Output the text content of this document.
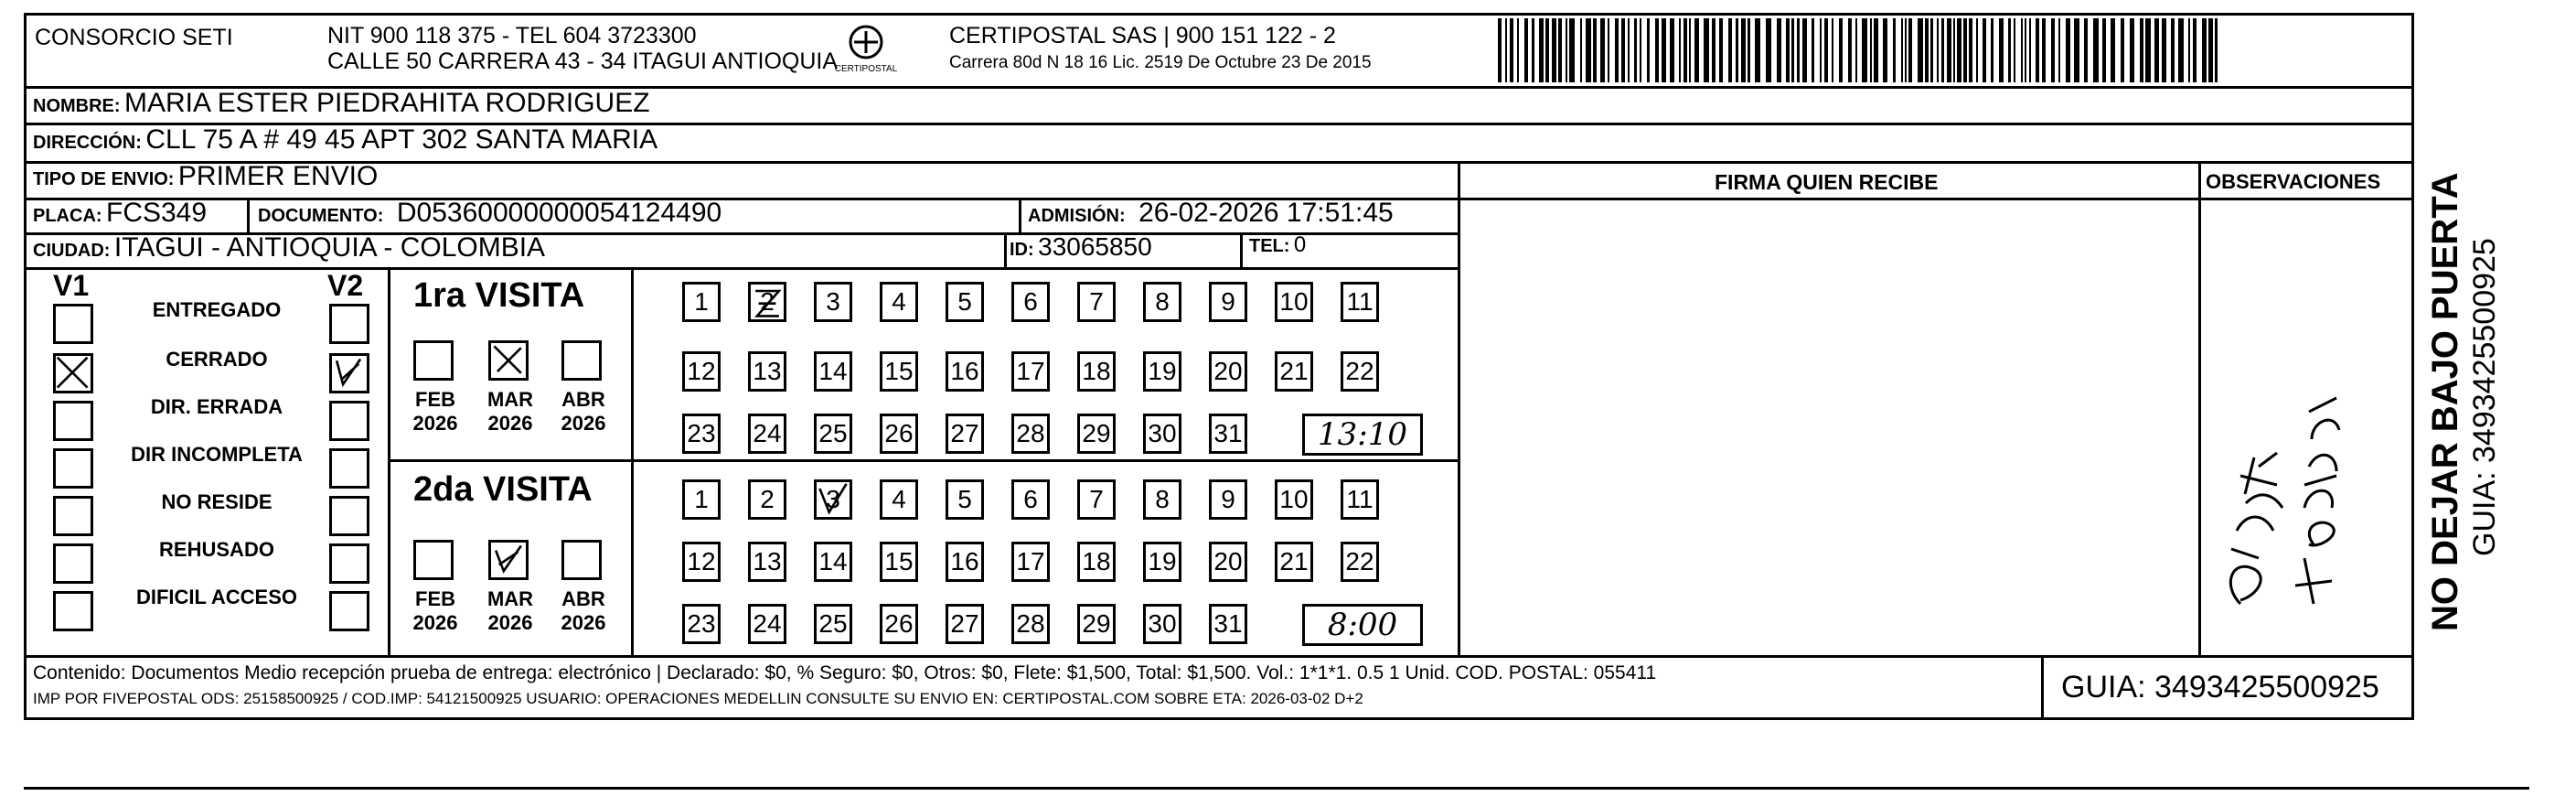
CONSORCIO SETI	NIT 900 118 375 - TEL 604 3723300
CALLE 50 CARRERA 43 - 34 ITAGUI ANTIOQUIA
CERTIPOSTAL
CERTIPOSTAL SAS | 900 151 122 - 2
Carrera 80d N 18 16 Lic. 2519 De Octubre 23 De 2015
NOMBRE: MARIA ESTER PIEDRAHITA RODRIGUEZ
DIRECCIÓN: CLL 75 A # 49 45 APT 302 SANTA MARIA
TIPO DE ENVIO: PRIMER ENVIO	FIRMA QUIEN RECIBE	OBSERVACIONES
PLACA: FCS349	DOCUMENTO: D05360000000054124490	ADMISIÓN: 26-02-2026 17:51:45
CIUDAD: ITAGUI - ANTIOQUIA - COLOMBIA	ID: 33065850	TEL: 0
V1	V2
ENTREGADO
CERRADO
DIR. ERRADA
DIR INCOMPLETA
NO RESIDE
REHUSADO
DIFICIL ACCESO
1ra VISITA
FEB
2026
MAR
2026
ABR
2026
1	2	3	4	5	6	7	8	9	10 11
12 13 14 15 16 17 18 19 20 21 22
23 24 25 26 27 28 29 30 31	13:10
2da VISITA
FEB
2026
MAR
2026
ABR
2026
1	2	3	4	5	6	7	8	9	10 11
12 13 14 15 16 17 18 19 20 21 22
23 24 25 26 27 28 29 30 31	8:00	NO DEJAR BAJO PUERTA GUIA: 3493425500925
Contenido: Documentos Medio recepción prueba de entrega: electrónico | Declarado: $0, % Seguro: $0, Otros: $0, Flete: $1,500, Total: $1,500. Vol.: 1*1*1. 0.5 1 Unid. COD. POSTAL: 055411
IMP POR FIVEPOSTAL ODS: 25158500925 / COD.IMP: 54121500925 USUARIO: OPERACIONES MEDELLIN CONSULTE SU ENVIO EN: CERTIPOSTAL.COM SOBRE ETA: 2026-03-02 D+2	GUIA: 3493425500925
